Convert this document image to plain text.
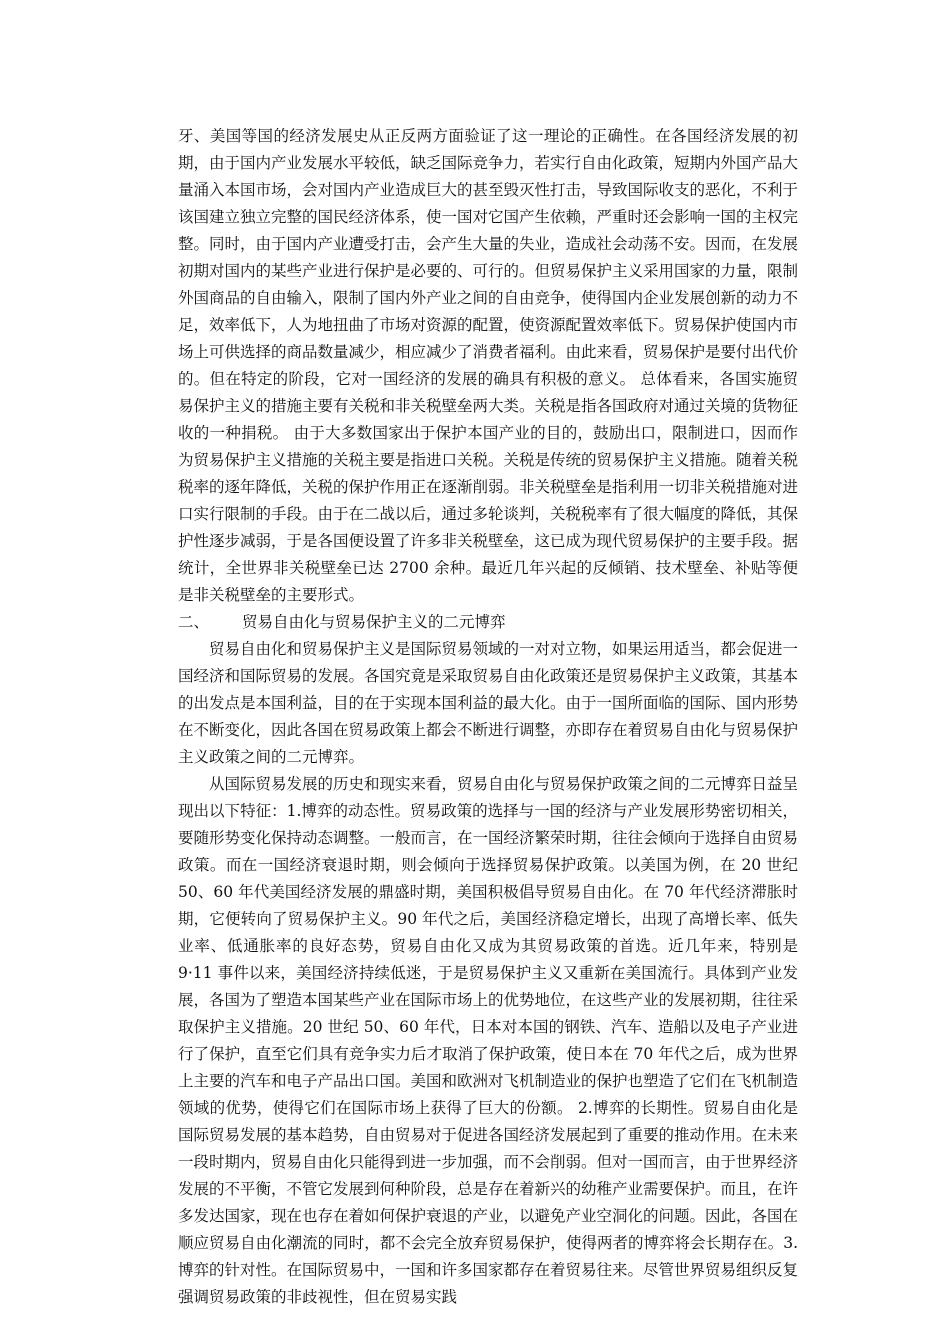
牙、美国等国的经济发展史从正反两方面验证了这一理论的正确性。在各国经济发展的初期，由于国内产业发展水平较低，缺乏国际竞争力，若实行自由化政策，短期内外国产品大量涌入本国市场，会对国内产业造成巨大的甚至毁灭性打击，导致国际收支的恶化，不利于该国建立独立完整的国民经济体系，使一国对它国产生依赖，严重时还会影响一国的主权完整。同时，由于国内产业遭受打击，会产生大量的失业，造成社会动荡不安。因而，在发展初期对国内的某些产业进行保护是必要的、可行的。但贸易保护主义采用国家的力量，限制外国商品的自由输入，限制了国内外产业之间的自由竞争，使得国内企业发展创新的动力不足，效率低下，人为地扭曲了市场对资源的配置，使资源配置效率低下。贸易保护使国内市场上可供选择的商品数量减少，相应减少了消费者福利。由此来看，贸易保护是要付出代价的。但在特定的阶段，它对一国经济的发展的确具有积极的意义。 总体看来，各国实施贸易保护主义的措施主要有关税和非关税壁垒两大类。关税是指各国政府对通过关境的货物征收的一种捐税。 由于大多数国家出于保护本国产业的目的，鼓励出口，限制进口，因而作为贸易保护主义措施的关税主要是指进口关税。关税是传统的贸易保护主义措施。随着关税税率的逐年降低，关税的保护作用正在逐渐削弱。非关税壁垒是指利用一切非关税措施对进口实行限制的手段。由于在二战以后，通过多轮谈判，关税税率有了很大幅度的降低，其保护性逐步减弱，于是各国便设置了许多非关税壁垒，这已成为现代贸易保护的主要手段。据统计，全世界非关税壁垒已达 2700 余种。最近几年兴起的反倾销、技术壁垒、补贴等便是非关税壁垒的主要形式。

二、	贸易自由化与贸易保护主义的二元博弈

贸易自由化和贸易保护主义是国际贸易领域的一对对立物，如果运用适当，都会促进一国经济和国际贸易的发展。各国究竟是采取贸易自由化政策还是贸易保护主义政策，其基本的出发点是本国利益，目的在于实现本国利益的最大化。由于一国所面临的国际、国内形势在不断变化，因此各国在贸易政策上都会不断进行调整，亦即存在着贸易自由化与贸易保护主义政策之间的二元博弈。

从国际贸易发展的历史和现实来看，贸易自由化与贸易保护政策之间的二元博弈日益呈现出以下特征：1.博弈的动态性。贸易政策的选择与一国的经济与产业发展形势密切相关，要随形势变化保持动态调整。一般而言，在一国经济繁荣时期，往往会倾向于选择自由贸易政策。而在一国经济衰退时期，则会倾向于选择贸易保护政策。以美国为例，在 20 世纪 50、60 年代美国经济发展的鼎盛时期，美国积极倡导贸易自由化。在 70 年代经济滞胀时期，它便转向了贸易保护主义。90 年代之后，美国经济稳定增长，出现了高增长率、低失业率、低通胀率的良好态势，贸易自由化又成为其贸易政策的首选。近几年来，特别是 9·11 事件以来，美国经济持续低迷，于是贸易保护主义又重新在美国流行。具体到产业发展，各国为了塑造本国某些产业在国际市场上的优势地位，在这些产业的发展初期，往往采取保护主义措施。20 世纪 50、60 年代，日本对本国的钢铁、汽车、造船以及电子产业进行了保护，直至它们具有竞争实力后才取消了保护政策，使日本在 70 年代之后，成为世界上主要的汽车和电子产品出口国。美国和欧洲对飞机制造业的保护也塑造了它们在飞机制造领域的优势，使得它们在国际市场上获得了巨大的份额。 2.博弈的长期性。贸易自由化是国际贸易发展的基本趋势，自由贸易对于促进各国经济发展起到了重要的推动作用。在未来一段时期内，贸易自由化只能得到进一步加强，而不会削弱。但对一国而言，由于世界经济发展的不平衡，不管它发展到何种阶段，总是存在着新兴的幼稚产业需要保护。而且，在许多发达国家，现在也存在着如何保护衰退的产业，以避免产业空洞化的问题。因此，各国在顺应贸易自由化潮流的同时，都不会完全放弃贸易保护，使得两者的博弈将会长期存在。3.博弈的针对性。在国际贸易中，一国和许多国家都存在着贸易往来。尽管世界贸易组织反复强调贸易政策的非歧视性，但在贸易实践
